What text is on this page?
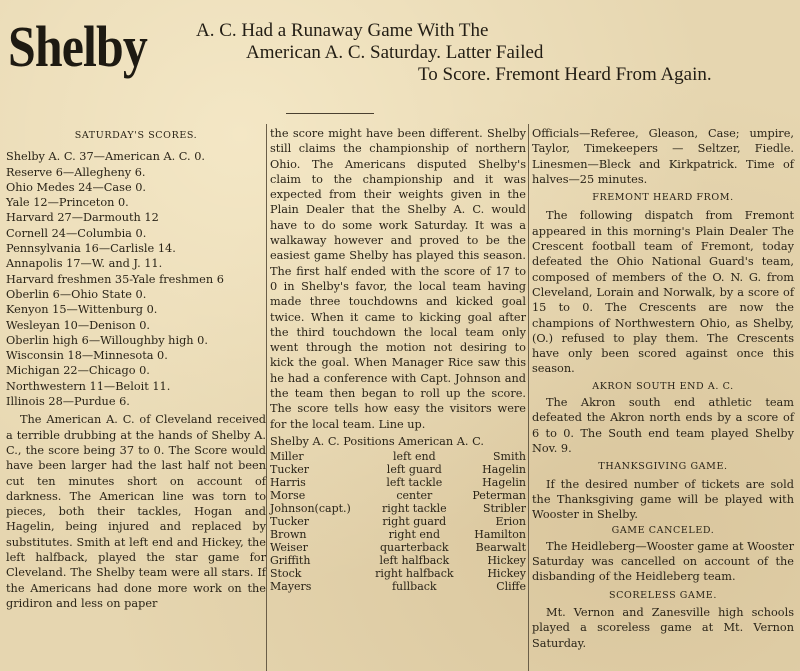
Shelby	A. C. Had a Runaway Game With The
American A. C. Saturday. Latter Failed
To Score. Fremont Heard From Again.
SATURDAY'S SCORES.

Shelby A. C. 37—American A. C. 0.

Reserve 6—Allegheny 6.

Ohio Medes 24—Case 0.

Yale 12—Princeton 0.

Harvard 27—Darmouth 12

Cornell 24—Columbia 0.

Pennsylvania 16—Carlisle 14.

Annapolis 17—W. and J. 11.

Harvard freshmen 35-Yale freshmen 6

Oberlin 6—Ohio State 0.

Kenyon 15—Wittenburg 0.

Wesleyan 10—Denison 0.

Oberlin high 6—Willoughby high 0.

Wisconsin 18—Minnesota 0.

Michigan 22—Chicago 0.

Northwestern 11—Beloit 11.

Illinois 28—Purdue 6.

The American A. C. of Cleveland received a terrible drubbing at the hands of Shelby A. C., the score being 37 to 0. The Score would have been larger had the last half not been cut ten minutes short on account of darkness. The American line was torn to pieces, both their tackles, Hogan and Hagelin, being injured and replaced by substitutes. Smith at left end and Hickey, the left halfback, played the star game for Cleveland. The Shelby team were all stars. If the Americans had done more work on the gridiron and less on paper

the score might have been different. Shelby still claims the championship of northern Ohio. The Americans disputed Shelby's claim to the championship and it was expected from their weights given in the Plain Dealer that the Shelby A. C. would have to do some work Saturday. It was a walkaway however and proved to be the easiest game Shelby has played this season. The first half ended with the score of 17 to 0 in Shelby's favor, the local team having made three touchdowns and kicked goal twice. When it came to kicking goal after the third touchdown the local team only went through the motion not desiring to kick the goal. When Manager Rice saw this he had a conference with Capt. Johnson and the team then began to roll up the score. The score tells how easy the visitors were for the local team. Line up.

Shelby A. C. Positions American A. C.
Miller	left end	Smith
Tucker	left guard	Hagelin
Harris	left tackle	Hagelin
Morse	center	Peterman
Johnson(capt.)	right tackle	Stribler
Tucker	right guard	Erion
Brown	right end	Hamilton
Weiser	quarterback	Bearwalt
Griffith	left halfback	Hickey
Stock	right halfback	Hickey
Mayers	fullback	Cliffe

Officials—Referee, Gleason, Case; umpire, Taylor, Timekeepers — Seltzer, Fiedle. Linesmen—Bleck and Kirkpatrick. Time of halves—25 minutes.

FREMONT HEARD FROM.

The following dispatch from Fremont appeared in this morning's Plain Dealer The Crescent football team of Fremont, today defeated the Ohio National Guard's team, composed of members of the O. N. G. from Cleveland, Lorain and Norwalk, by a score of 15 to 0. The Crescents are now the champions of Northwestern Ohio, as Shelby, (O.) refused to play them. The Crescents have only been scored against once this season.

AKRON SOUTH END A. C.

The Akron south end athletic team defeated the Akron north ends by a score of 6 to 0. The South end team played Shelby Nov. 9.

THANKSGIVING GAME.

If the desired number of tickets are sold the Thanksgiving game will be played with Wooster in Shelby.

GAME CANCELED.

The Heidleberg—Wooster game at Wooster Saturday was cancelled on account of the disbanding of the Heidleberg team.

SCORELESS GAME.

Mt. Vernon and Zanesville high schools played a scoreless game at Mt. Vernon Saturday.
